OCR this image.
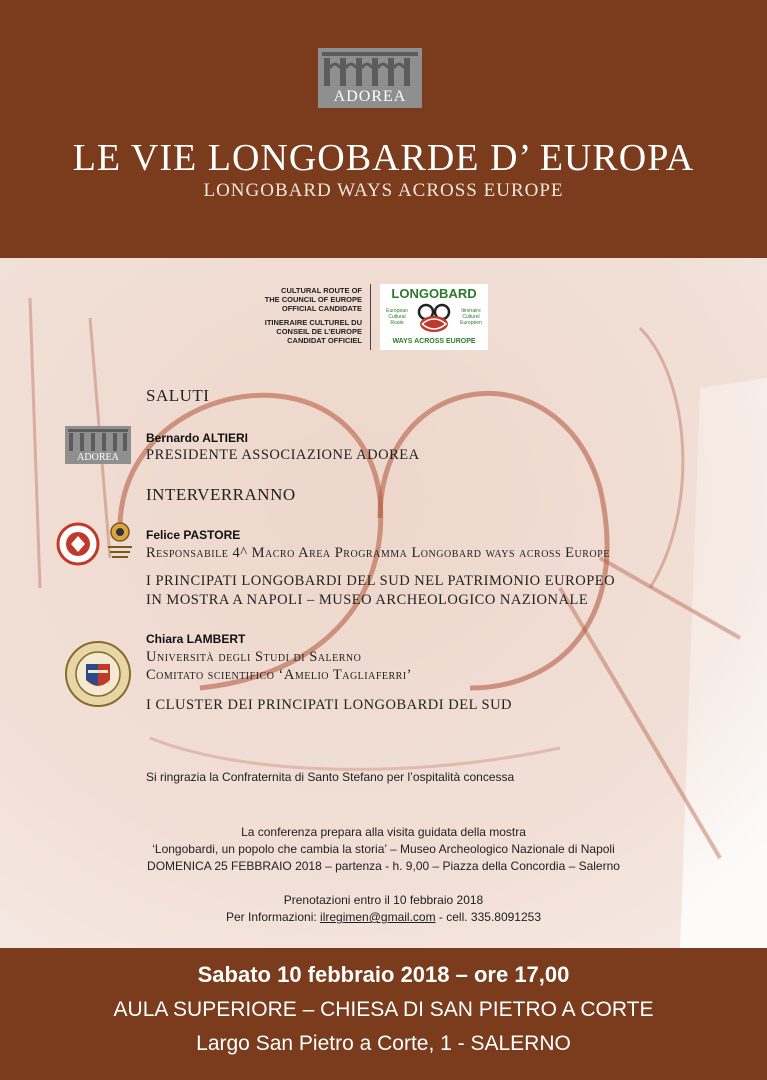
ADOREA
LE VIE LONGOBARDE D’ EUROPA
LONGOBARD WAYS ACROSS EUROPE
CULTURAL ROUTE OF
THE COUNCIL OF EUROPE
OFFICIAL CANDIDATE
ITINERAIRE CULTUREL DU
CONSEIL DE L’EUROPE
CANDIDAT OFFICIEL
LONGOBARD
European Cultural Route
Itinéraire Culturel Européen
WAYS ACROSS EUROPE
SALUTI
ADOREA
Bernardo ALTIERI
PRESIDENTE ASSOCIAZIONE ADOREA
INTERVERRANNO
Felice PASTORE
Responsabile 4^ Macro Area Programma Longobard ways across Europe
I PRINCIPATI LONGOBARDI DEL SUD NEL PATRIMONIO EUROPEO
IN MOSTRA A NAPOLI – MUSEO ARCHEOLOGICO NAZIONALE
Chiara LAMBERT
Università degli Studi di Salerno
Comitato scientifico ‘Amelio Tagliaferri’
I CLUSTER DEI PRINCIPATI LONGOBARDI DEL SUD
Si ringrazia la Confraternita di Santo Stefano per l’ospitalità concessa
La conferenza prepara alla visita guidata della mostra
‘Longobardi, un popolo che cambia la storia’ – Museo Archeologico Nazionale di Napoli
DOMENICA 25 FEBBRAIO 2018 – partenza - h. 9,00 – Piazza della Concordia – Salerno
Prenotazioni entro il 10 febbraio 2018
Per Informazioni: ilregimen@gmail.com - cell. 335.8091253
Sabato 10 febbraio 2018 – ore 17,00
AULA SUPERIORE – CHIESA DI SAN PIETRO A CORTE
Largo San Pietro a Corte, 1 - SALERNO
